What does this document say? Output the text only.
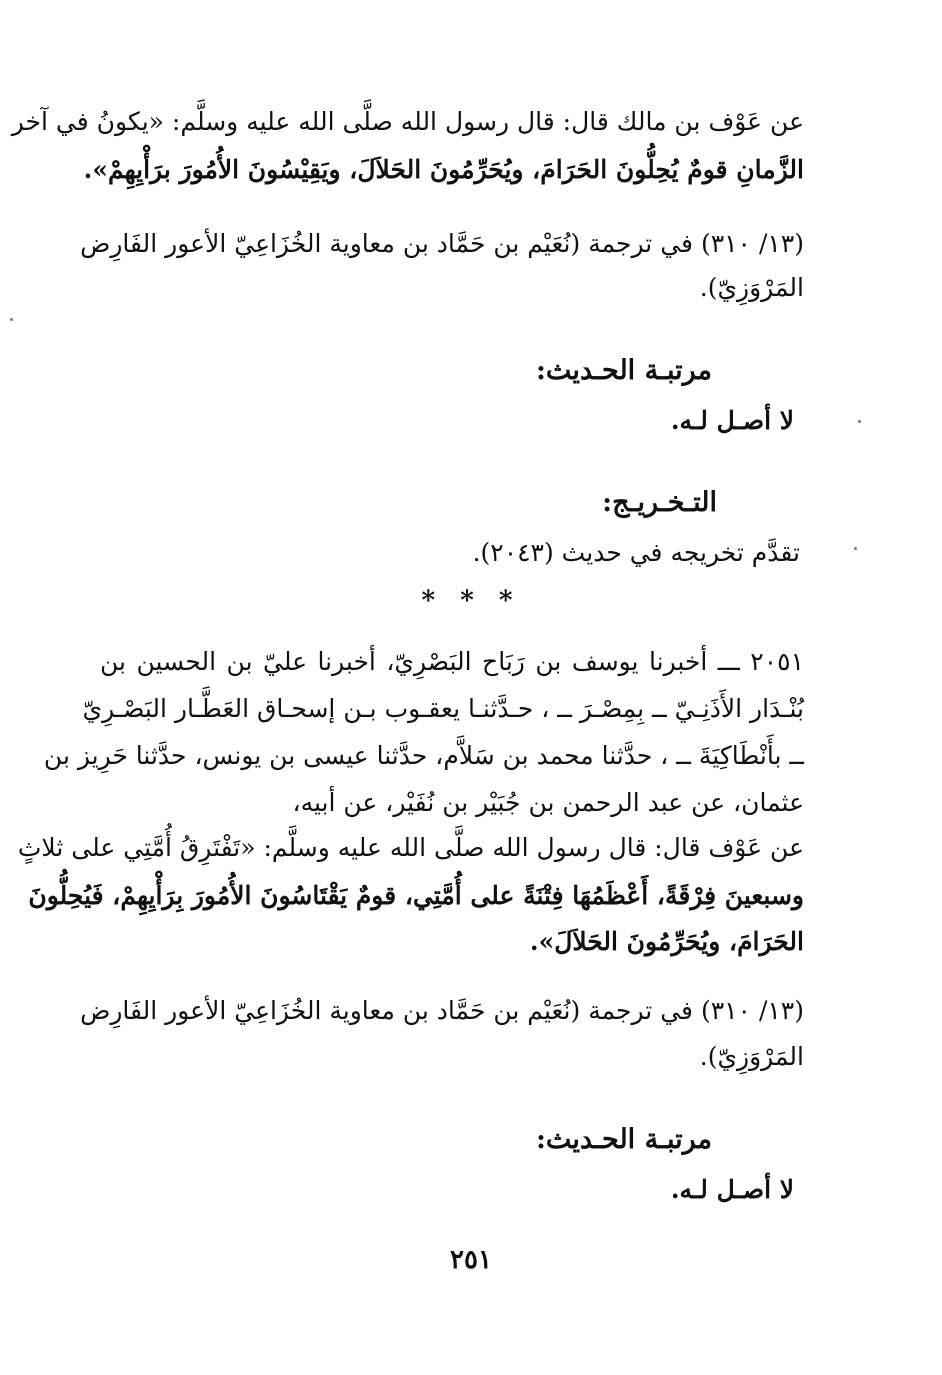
عن عَوْف بن مالك قال: قال رسول الله صلَّى الله عليه وسلَّم: «يكونُ في آخر
الزَّمانِ قومٌ يُحِلُّونَ الحَرَامَ، ويُحَرِّمُونَ الحَلاَلَ، ويَقِيْسُونَ الأُمُورَ برَأْيِهِمْ».
(١٣/ ٣١٠) في ترجمة (نُعَيْم بن حَمَّاد بن معاوية الخُزَاعِيّ الأعور الفَارِض
المَرْوَزِيّ).
مرتبـة الحـديث:
لا أصـل لـه.
التـخـريـج:
تقدَّم تخريجه في حديث (٢٠٤٣).
* * *
٢٠٥١ ـــ أخبرنا يوسف بن رَبَاح البَصْرِيّ، أخبرنا عليّ بن الحسين بن
بُنْـدَار الأَذَنِـيّ ــ بِمِصْـرَ ــ ، حـدَّثنـا يعقـوب بـن إسحـاق العَطَّـار البَصْـرِيّ
ــ بأَنْطَاكِيَةَ ــ ، حدَّثنا محمد بن سَلاَّم، حدَّثنا عيسى بن يونس، حدَّثنا حَرِيز بن
عثمان، عن عبد الرحمن بن جُبَيْر بن نُفَيْر، عن أبيه،
عن عَوْف قال: قال رسول الله صلَّى الله عليه وسلَّم: «تَفْتَرِقُ أُمَّتِي على ثلاثٍ
وسبعينَ فِرْقَةً، أَعْظَمُهَا فِتْنَةً على أُمَّتِي، قومٌ يَقْتَاسُونَ الأُمُورَ بِرَأْيِهِمْ، فَيُحِلُّونَ
الحَرَامَ، ويُحَرِّمُونَ الحَلاَلَ».
(١٣/ ٣١٠) في ترجمة (نُعَيْم بن حَمَّاد بن معاوية الخُزَاعِيّ الأعور الفَارِض
المَرْوَزِيّ).
مرتبـة الحـديث:
لا أصـل لـه.
٢٥١
